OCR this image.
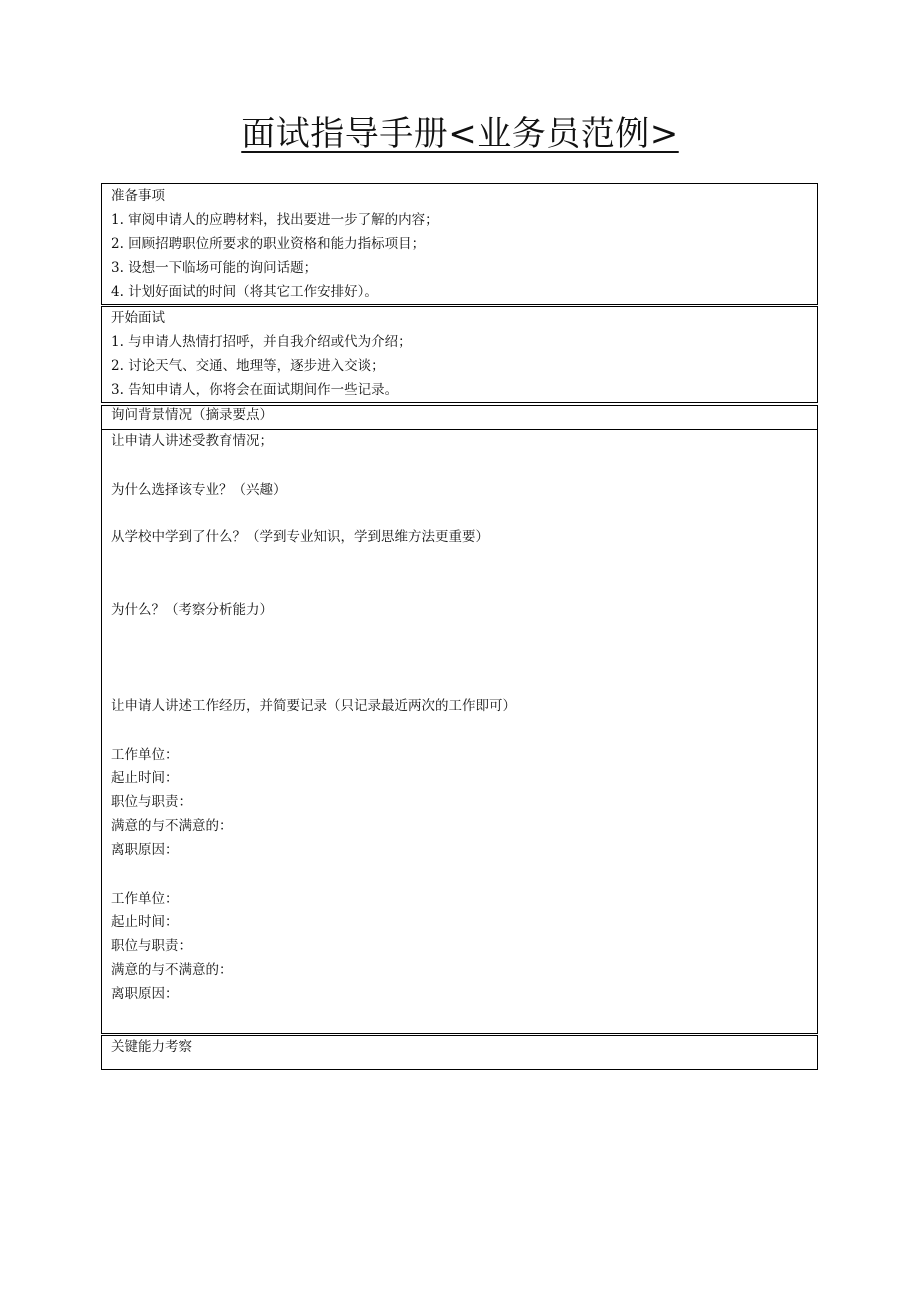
面试指导手册<业务员范例>
准备事项
1. 审阅申请人的应聘材料，找出要进一步了解的内容；
2. 回顾招聘职位所要求的职业资格和能力指标项目；
3. 设想一下临场可能的询问话题；
4. 计划好面试的时间（将其它工作安排好）。
开始面试
1. 与申请人热情打招呼，并自我介绍或代为介绍；
2. 讨论天气、交通、地理等，逐步进入交谈；
3. 告知申请人，你将会在面试期间作一些记录。
询问背景情况（摘录要点）
让申请人讲述受教育情况；
为什么选择该专业？（兴趣）
从学校中学到了什么？（学到专业知识，学到思维方法更重要）
为什么？（考察分析能力）
让申请人讲述工作经历，并简要记录（只记录最近两次的工作即可）
工作单位：
起止时间：
职位与职责：
满意的与不满意的：
离职原因：
工作单位：
起止时间：
职位与职责：
满意的与不满意的：
离职原因：
关键能力考察
